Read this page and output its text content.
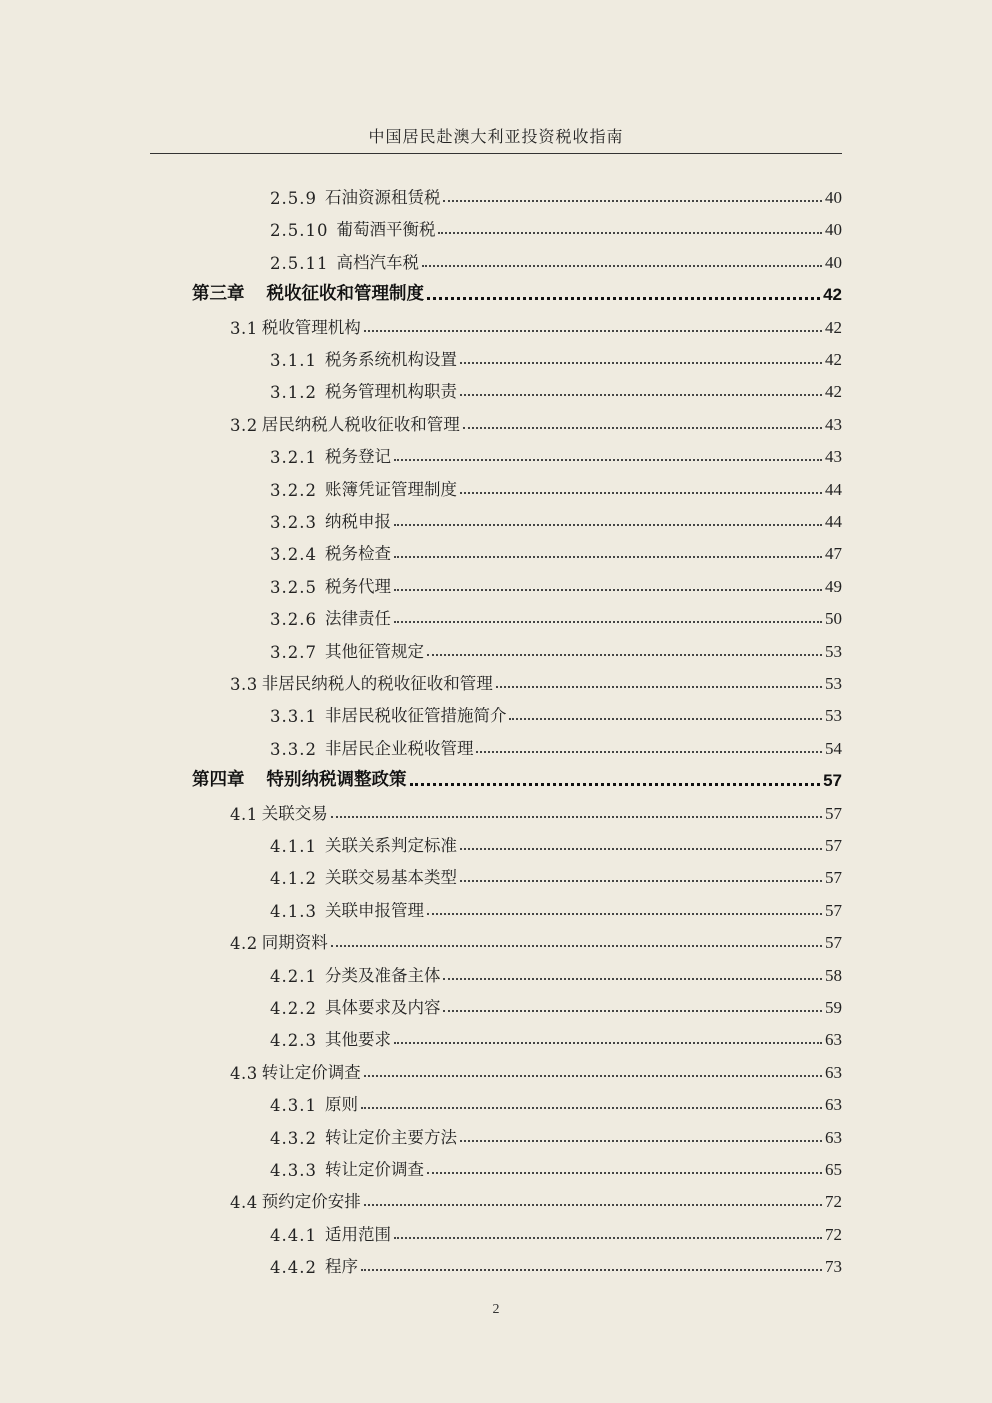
中国居民赴澳大利亚投资税收指南
2.5.9 石油资源租赁税	40
2.5.10 葡萄酒平衡税	40
2.5.11 高档汽车税	40
第三章 税收征收和管理制度	42
3.1 税收管理机构	42
3.1.1 税务系统机构设置	42
3.1.2 税务管理机构职责	42
3.2 居民纳税人税收征收和管理	43
3.2.1 税务登记	43
3.2.2 账簿凭证管理制度	44
3.2.3 纳税申报	44
3.2.4 税务检查	47
3.2.5 税务代理	49
3.2.6 法律责任	50
3.2.7 其他征管规定	53
3.3 非居民纳税人的税收征收和管理	53
3.3.1 非居民税收征管措施简介	53
3.3.2 非居民企业税收管理	54
第四章 特别纳税调整政策	57
4.1 关联交易	57
4.1.1 关联关系判定标准	57
4.1.2 关联交易基本类型	57
4.1.3 关联申报管理	57
4.2 同期资料	57
4.2.1 分类及准备主体	58
4.2.2 具体要求及内容	59
4.2.3 其他要求	63
4.3 转让定价调查	63
4.3.1 原则	63
4.3.2 转让定价主要方法	63
4.3.3 转让定价调查	65
4.4 预约定价安排	72
4.4.1 适用范围	72
4.4.2 程序	73
2
